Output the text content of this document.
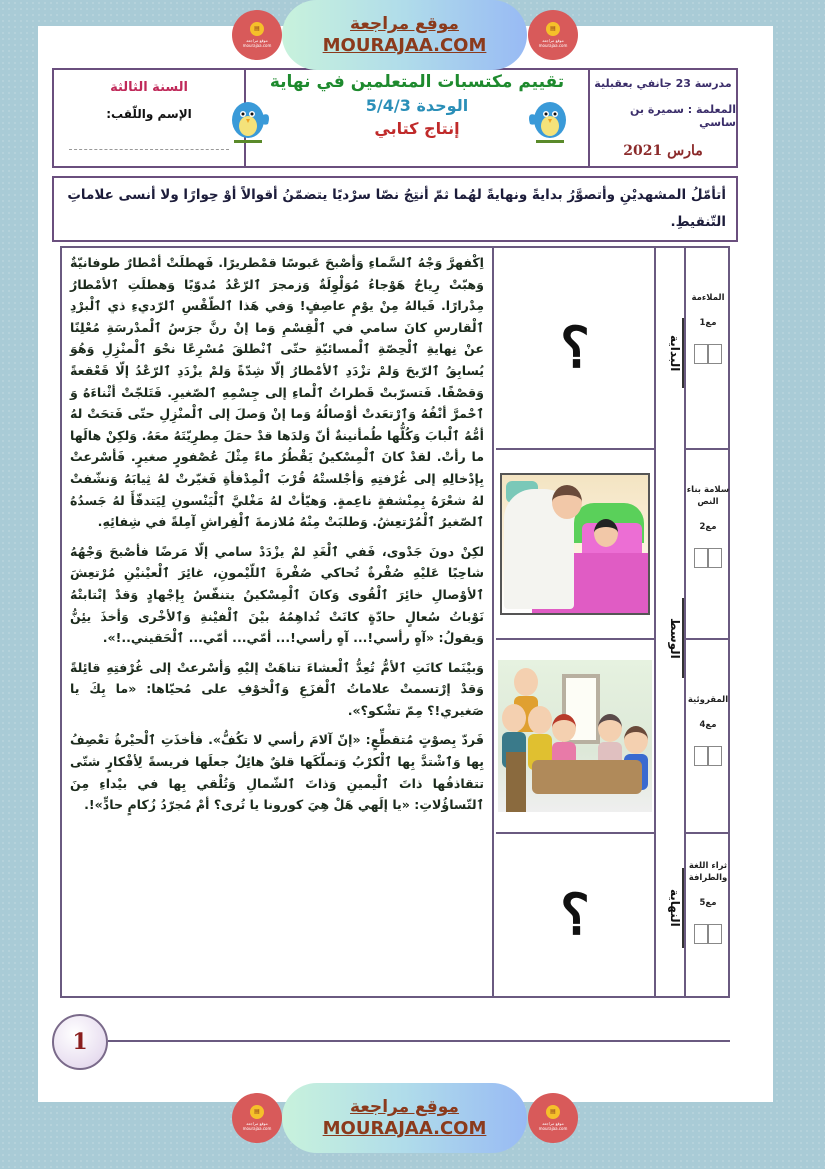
▤
موقع مراجعة mourajaa.com
موقع مراجعة
MOURAJAA.COM
▤
موقع مراجعة mourajaa.com
مدرسة 23 جانفي بعقبلية
المعلمة : سميرة بن ساسي
مارس 2021
تقييم مكتسبات المتعلمين في نهاية
الوحدة 5/4/3
إنتاج كتابي
السنة الثالثة
الإسم واللّقب:
أتأمّلُ المشهديْنِ وأتصوَّرُ بدايةً ونهايةً لهُما ثمّ أنتِجُ نصّا سرْديًا يتضمّنُ أقوالاً أوْ حِوارًا ولا أنسى علاماتِ التّنقيطِ.

اِكْفهرَّ وَجْهُ ٱلسَّماءِ وَأصْبحَ عَبوسًا قمْطريرًا. فَهطلَتْ أمْطارٌ طوفانيّةٌ وَهبّتْ رِياحٌ هَوْجاءُ مُوَلْوِلَةٌ وَزمجرَ ٱلرّعْدُ مُدوّيًا وَهطلَتِ ٱلأمْطارُ مِدْرارًا. فَيالهُ مِنْ يوْمٍ عاصِفٍ! وَفي هَذا ٱلطّقْسِ ٱلرّديءِ ذي ٱلْبرْدِ ٱلْقارسِ كانَ سامي في ٱلْقِسْمِ وَما إنْ رنَّ جرَسُ ٱلْمدْرسَةِ مُعْلِنًا عنْ نِهايةِ ٱلْحِصّةِ ٱلْمسائيّةِ حتّى ٱنْطلقَ مُسْرِعًا نحْوَ ٱلْمنْزِلِ وَهُوَ يُسابِقُ ٱلرّيحَ وَلمْ تزْدَدِ ٱلأمْطارُ إلّا شِدّةً وَلمْ يزْدَدِ ٱلرّعْدُ إلّا قَعْقعةً وَقصْفًا. فَتسرّبتْ قَطراتُ ٱلْماءِ إلى جِسْمِهِ ٱلصّغيرِ. فَتَلجّتْ أثْناءَهُ وَ ٱحْمرَّ أنْفُهُ وَٱرْتعَدتْ أوْصالُهُ وَما إنْ وَصلَ إلى ٱلْمنْزِلِ حتّى فَتحَتْ لهُ أمُّهُ ٱلْبابَ وَكُلُّها طُمأنينةٌ أنّ وَلدَها قدْ حمَلَ مِطرِيّتَهُ معَهُ. وَلكِنْ هالَها ما رأتْ. لقدْ كانَ ٱلْمِسْكينُ يَقْطُرُ ماءً مِثْلَ عُصْفورٍ صغيرٍ. فَأسْرعتْ بِإدْخالِهِ إلى غُرْفتِهِ وَأجْلستْهُ قُرْبَ ٱلْمِدْفأةِ فَغيّرتْ لهُ ثِيابَهُ وَنشّفتْ لهُ شعْرَهُ بِمِنْشفةٍ ناعِمةٍ. وَهيّأتْ لهُ مَغْليَّ ٱلْيَنْسونِ لِيَتدفّأَ لهُ جَسدُهُ ٱلصّغيرُ ٱلْمُرْتعِشُ. وَطلبَتْ مِنْهُ مُلازمةَ ٱلْفِراشِ آمِلةً في شِفائِهِ.

لكِنْ دونَ جَدْوى، فَفي ٱلْغَدِ لمْ يزْدَدْ سامي إلّا مَرضًا فأصْبحَ وَجْهُهُ شاحِبًا عَليْهِ صُفْرةٌ تُحاكي صُفْرةَ ٱللّيْمونِ، غائِرَ ٱلْعيْنيْنِ مُرْتعِشَ ٱلأوْصالِ خائِرَ ٱلْقُوى وَكانَ ٱلْمِسْكينُ يتنفّسُ بِإجْهادٍ وَقدْ إنْتابتْهُ نَوْباتُ سُعالٍ حادّةٍ كانَتْ تُداهِمُهُ بيْنَ ٱلْفيْنةِ وَٱلأخْرى وَأخذَ يئِنُّ وَيقولُ: «آهٍ رأسي!... آهٍ رأسي!... أمّي... أمّي... ٱلْحَقيني..!».

وَبيْنَما كانَتِ ٱلأمُّ تُعِدُّ ٱلْعشاءَ تناهَتْ إليْهِ وَأسْرعتْ إلى غُرْفتِهِ قائِلةً وَقدْ إرْتسمتْ علاماتُ ٱلْفزَعِ وَٱلْخوْفِ على مُحيّاها: «ما بِكَ يا صَغيري!؟ مِمّ تشْكو؟».

فَردّ بِصوْتٍ مُتقطِّعٍ: «إنّ آلامَ رأسي لا تكُفُّ». فأخذَتِ ٱلْحيْرةُ تعْصِفُ بِها وَٱشْتدَّ بِها ٱلْكرْبُ وَتملّكَها قلقٌ هائِلٌ جعلَها فريسةً لِأفْكارٍ شتّى تتقاذفُها ذاتَ ٱلْيمينِ وَذاتَ ٱلشّمالِ وَتُلْقي بِها في بيْداءِ مِنَ ٱلتّساؤُلاتِ: «يا إلَهي هَلْ هِيَ كورونا يا تُرى؟ أمْ مُجرّدُ زُكامٍ حادٍّ»!.

؟
؟
البداية
الوسط
النهاية
الملاءمة
مع1
سلامة بناء النص
مع2
المقروئية
مع4
ثراء اللغة والطرافة
مع5
1
▤
موقع مراجعة mourajaa.com
موقع مراجعة
MOURAJAA.COM
▤
موقع مراجعة mourajaa.com
